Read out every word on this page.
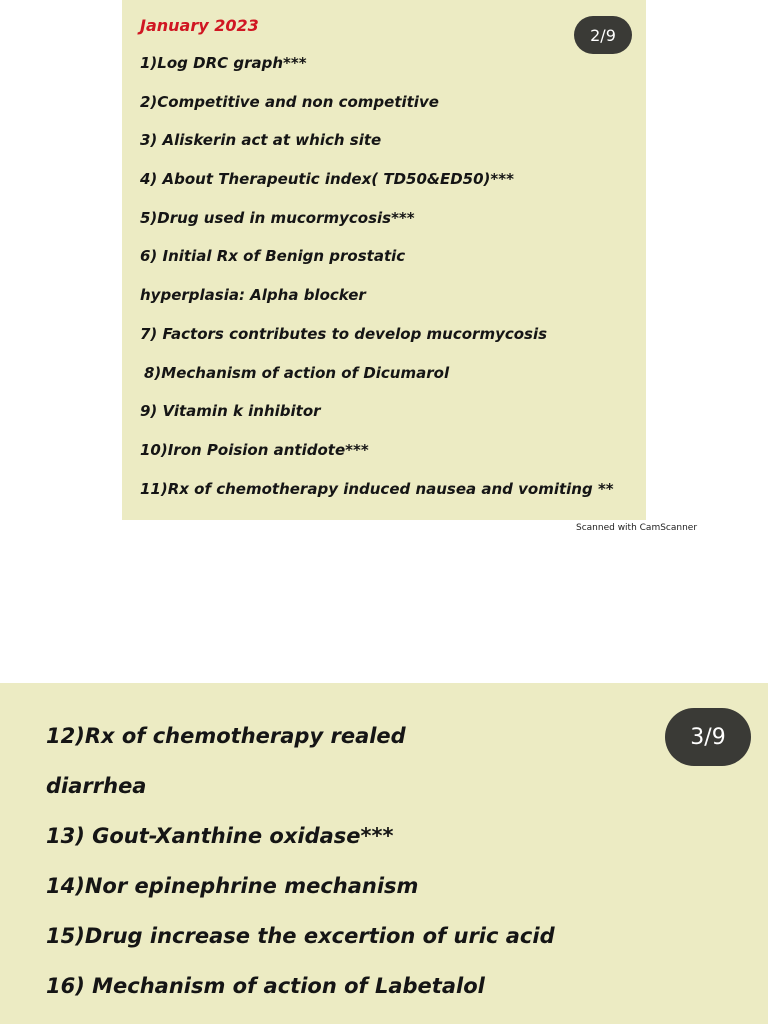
January 2023	2/9
1)Log DRC graph***
2)Competitive and non competitive
3) Aliskerin act at which site
4) About Therapeutic index( TD50&ED50)***
5)Drug used in mucormycosis***
6) Initial Rx of Benign prostatic
hyperplasia: Alpha blocker
7) Factors contributes to develop mucormycosis
8)Mechanism of action of Dicumarol
9) Vitamin k inhibitor
10)Iron Poision antidote***
11)Rx of chemotherapy induced nausea and vomiting **
Scanned with CamScanner
3/9
12)Rx of chemotherapy realed
diarrhea
13) Gout-Xanthine oxidase***
14)Nor epinephrine mechanism
15)Drug increase the excertion of uric acid
16) Mechanism of action of Labetalol
